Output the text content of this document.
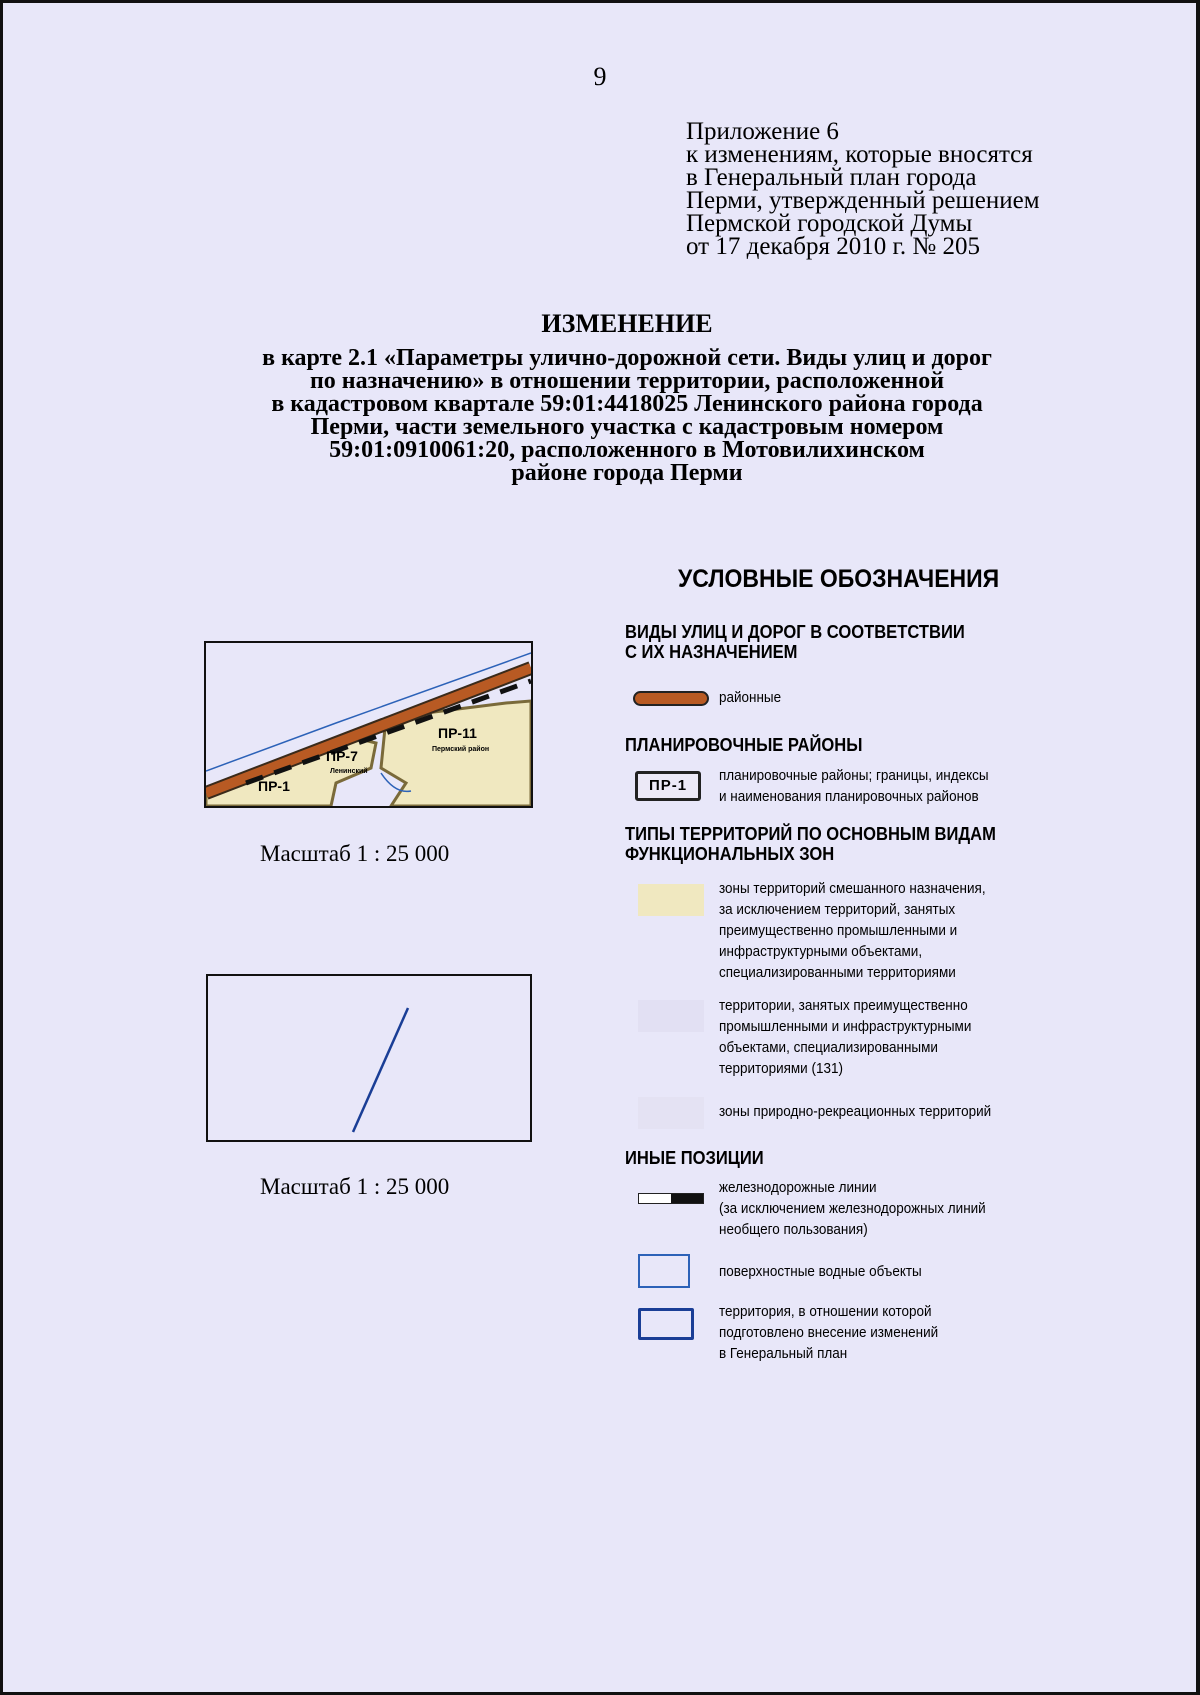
9
Приложение 6
к изменениям, которые вносятся
в Генеральный план города
Перми, утвержденный решением
Пермской городской Думы
от 17 декабря 2010 г. № 205
ИЗМЕНЕНИЕ
в карте 2.1 «Параметры улично-дорожной сети. Виды улиц и дорог
по назначению» в отношении территории, расположенной
в кадастровом квартале 59:01:4418025 Ленинского района города
Перми, части земельного участка с кадастровым номером
59:01:0910061:20, расположенного в Мотовилихинском
районе города Перми
ПР-11
Пермский район
ПР-7
Ленинский
ПР-1
Масштаб 1 : 25 000
Масштаб 1 : 25 000
УСЛОВНЫЕ ОБОЗНАЧЕНИЯ
ВИДЫ УЛИЦ И ДОРОГ В СООТВЕТСТВИИ
С ИХ НАЗНАЧЕНИЕМ
районные
ПЛАНИРОВОЧНЫЕ РАЙОНЫ
ПР-1
планировочные районы; границы, индексы
и наименования планировочных районов
ТИПЫ ТЕРРИТОРИЙ ПО ОСНОВНЫМ ВИДАМ
ФУНКЦИОНАЛЬНЫХ ЗОН
зоны территорий смешанного назначения,
за исключением территорий, занятых
преимущественно промышленными и
инфраструктурными объектами,
специализированными территориями
территории, занятых преимущественно
промышленными и инфраструктурными
объектами, специализированными
территориями (131)
зоны природно-рекреационных территорий
ИНЫЕ ПОЗИЦИИ
железнодорожные линии
(за исключением железнодорожных линий
необщего пользования)
поверхностные водные объекты
территория, в отношении которой
подготовлено внесение изменений
в Генеральный план
